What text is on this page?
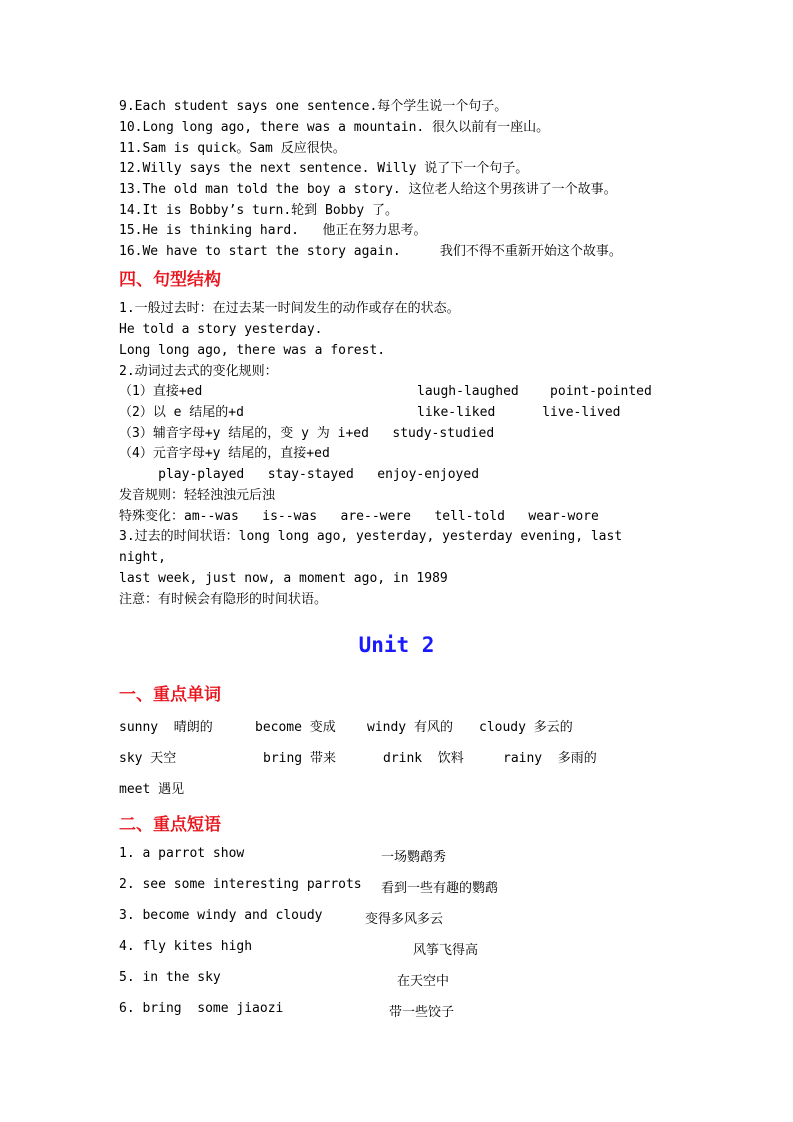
9.Each student says one sentence.每个学生说一个句子。
10.Long long ago, there was a mountain. 很久以前有一座山。
11.Sam is quick。Sam 反应很快。
12.Willy says the next sentence. Willy 说了下一个句子。
13.The old man told the boy a story. 这位老人给这个男孩讲了一个故事。
14.It is Bobby’s turn.轮到 Bobby 了。
15.He is thinking hard.   他正在努力思考。
16.We have to start the story again.     我们不得不重新开始这个故事。
四、句型结构
1.一般过去时：在过去某一时间发生的动作或存在的状态。
He told a story yesterday.
Long long ago, there was a forest.
2.动词过去式的变化规则：
（1）直接+ed	laugh-laughed    point-pointed
（2）以 e 结尾的+d	like-liked      live-lived
（3）辅音字母+y 结尾的，变 y 为 i+ed   study-studied
（4）元音字母+y 结尾的，直接+ed
play-played   stay-stayed   enjoy-enjoyed
发音规则：轻轻浊浊元后浊
特殊变化：am--was   is--was   are--were   tell-told   wear-wore
3.过去的时间状语：long long ago, yesterday, yesterday evening, last
night,
last week, just now, a moment ago, in 1989
注意：有时候会有隐形的时间状语。
Unit 2
一、重点单词
sunny  晴朗的	become 变成 windy 有风的 cloudy 多云的
sky 天空	bring 带来	drink  饮料	rainy  多雨的
meet 遇见
二、重点短语
1. a parrot show	一场鹦鹉秀
2. see some interesting parrots 看到一些有趣的鹦鹉
3. become windy and cloudy	变得多风多云
4. fly kites high	风筝飞得高
5. in the sky	在天空中
6. bring  some jiaozi	带一些饺子
